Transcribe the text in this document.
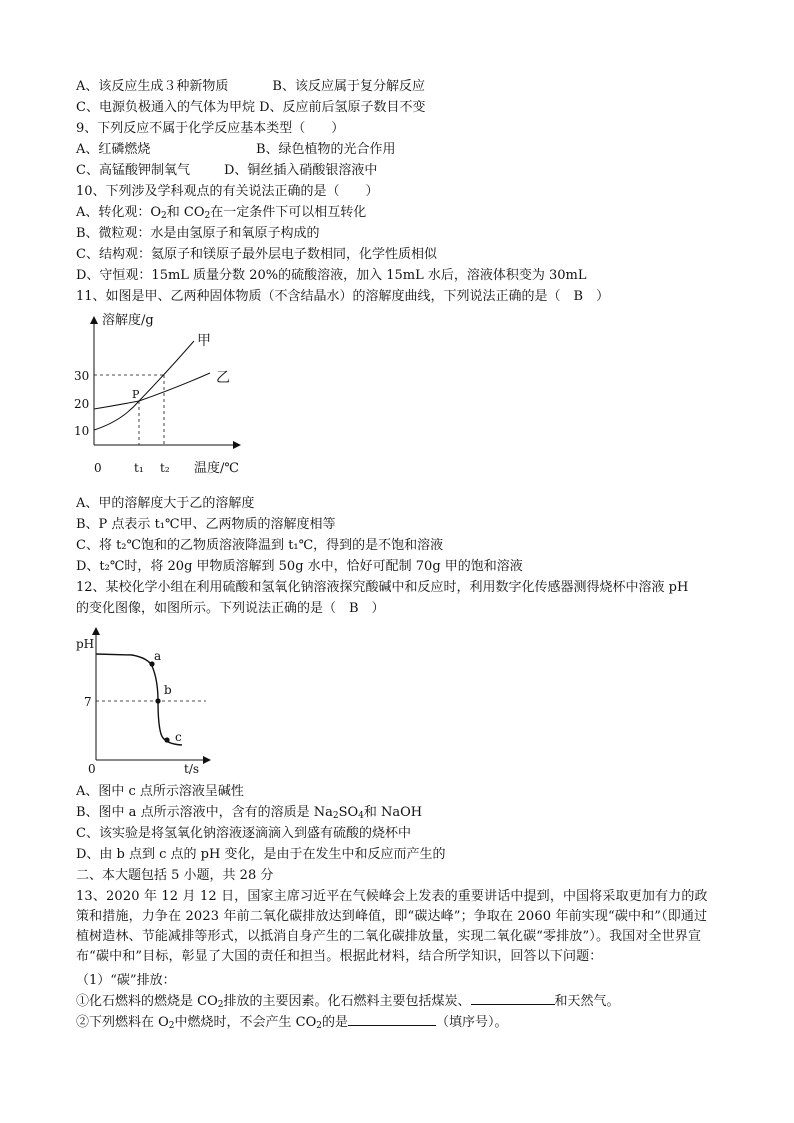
A、该反应生成３种新物质	B、该反应属于复分解反应
C、电源负极通入的气体为甲烷 D、反应前后氢原子数目不变
9、下列反应不属于化学反应基本类型（　　）
A、红磷燃烧	B、绿色植物的光合作用
C、高锰酸钾制氧气	D、铜丝插入硝酸银溶液中
10、下列涉及学科观点的有关说法正确的是（　　）
A、转化观：$O_2$和 $CO_2$在一定条件下可以相互转化
B、微粒观：水是由氢原子和氧原子构成的
C、结构观：氦原子和镁原子最外层电子数相同，化学性质相似
D、守恒观：15mL 质量分数 20%的硫酸溶液，加入 15mL 水后，溶液体积变为 30mL
11、如图是甲、乙两种固体物质（不含结晶水）的溶解度曲线，下列说法正确的是（　B　）
溶解度/g
温度/℃
0
30
20
10
t₁ t₂
甲
乙
P
A、甲的溶解度大于乙的溶解度
B、P 点表示 t₁℃甲、乙两物质的溶解度相等
C、将 t₂℃饱和的乙物质溶液降温到 t₁℃，得到的是不饱和溶液
D、t₂℃时，将 20g 甲物质溶解到 50g 水中，恰好可配制 70g 甲的饱和溶液
12、某校化学小组在利用硫酸和氢氧化钠溶液探究酸碱中和反应时，利用数字化传感器测得烧杯中溶液 pH
的变化图像，如图所示。下列说法正确的是（　B　）
pH
t/s
0
7
a
b
c
A、图中 c 点所示溶液呈碱性
B、图中 a 点所示溶液中，含有的溶质是 $Na_2SO_4$和 NaOH
C、该实验是将氢氧化钠溶液逐滴滴入到盛有硫酸的烧杯中
D、由 b 点到 c 点的 pH 变化，是由于在发生中和反应而产生的
二、本大题包括 5 小题，共 28 分
13、2020 年 12 月 12 日，国家主席习近平在气候峰会上发表的重要讲话中提到，中国将采取更加有力的政策和措施，力争在 2023 年前二氧化碳排放达到峰值，即“碳达峰”；争取在 2060 年前实现“碳中和”（即通过植树造林、节能减排等形式，以抵消自身产生的二氧化碳排放量，实现二氧化碳“零排放”）。我国对全世界宣布“碳中和”目标，彰显了大国的责任和担当。根据此材料，结合所学知识，回答以下问题：
（1）“碳”排放：
①化石燃料的燃烧是 $CO_2$排放的主要因素。化石燃料主要包括煤炭、	和天然气。
②下列燃料在 $O_2$中燃烧时，不会产生 $CO_2$的是	（填序号）。
